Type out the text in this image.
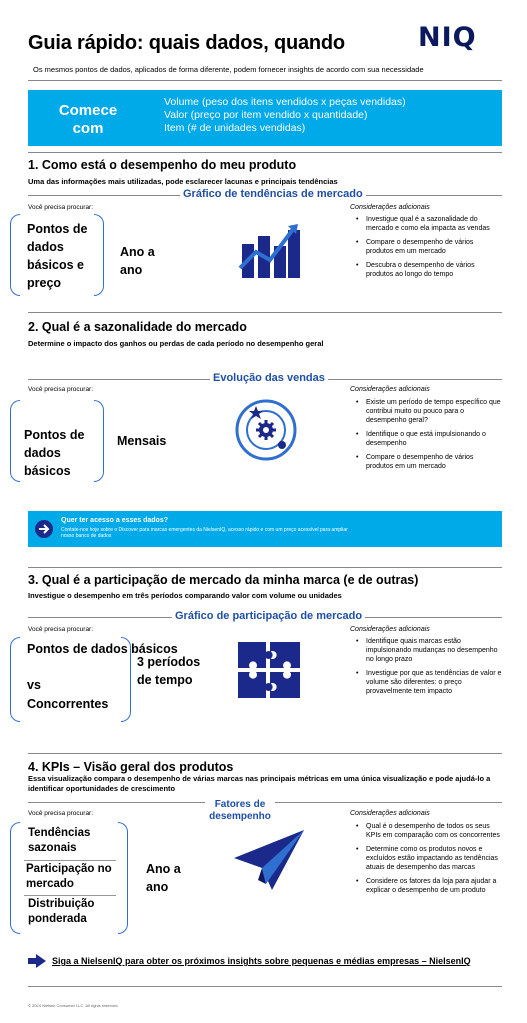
Guia rápido: quais dados, quando	NIQ
Os mesmos pontos de dados, aplicados de forma diferente, podem fornecer insights de acordo com sua necessidade
Comece com
Volume (peso dos itens vendidos x peças vendidas)
Valor (preço por item vendido x quantidade)
Item (# de unidades vendidas)
1. Como está o desempenho do meu produto
Uma das informações mais utilizadas, pode esclarecer lacunas e principais tendências
Gráfico de tendências de mercado
Você precisa procurar:	Considerações adicionais
Pontos de dados básicos e preço
Ano a ano
• Investigue qual é a sazonalidade do mercado e como ela impacta as vendas
• Compare o desempenho de vários produtos em um mercado
• Descubra o desempenho de vários produtos ao longo do tempo
2. Qual é a sazonalidade do mercado
Determine o impacto dos ganhos ou perdas de cada período no desempenho geral
Evolução das vendas
Você precisa procurar:	Considerações adicionais
Pontos de dados básicos
Mensais
• Existe um período de tempo específico que contribui muito ou pouco para o desempenho geral?
• Identifique o que está impulsionando o desempenho
• Compare o desempenho de vários produtos em um mercado
Quer ter acesso a esses dados?
Contate-nos hoje sobre o Discover para marcas emergentes da NielsenIQ, acesso rápido e com um preço acessível para ampliar nosso banco de dados
3. Qual é a participação de mercado da minha marca (e de outras)
Investigue o desempenho em três períodos comparando valor com volume ou unidades
Gráfico de participação de mercado
Você precisa procurar:	Considerações adicionais
Pontos de dados básicos
vs
Concorrentes
3 períodos de tempo
• Identifique quais marcas estão impulsionando mudanças no desempenho no longo prazo
• Investigue por que as tendências de valor e volume são diferentes: o preço provavelmente tem impacto
4. KPIs – Visão geral dos produtos
Essa visualização compara o desempenho de várias marcas nas principais métricas em uma única visualização e pode ajudá-lo a identificar oportunidades de crescimento
Fatores de desempenho
Você precisa procurar:	Considerações adicionais
Tendências sazonais
Participação no mercado
Distribuição ponderada
Ano a ano
• Qual é o desempenho de todos os seus KPIs em comparação com os concorrentes
• Determine como os produtos novos e excluídos estão impactando as tendências atuais de desempenho das marcas
• Considere os fatores da loja para ajudar a explicar o desempenho de um produto
Siga a NielsenIQ para obter os próximos insights sobre pequenas e médias empresas – NielsenIQ
© 2024 Nielsen Consumer LLC. All rights reserved.
